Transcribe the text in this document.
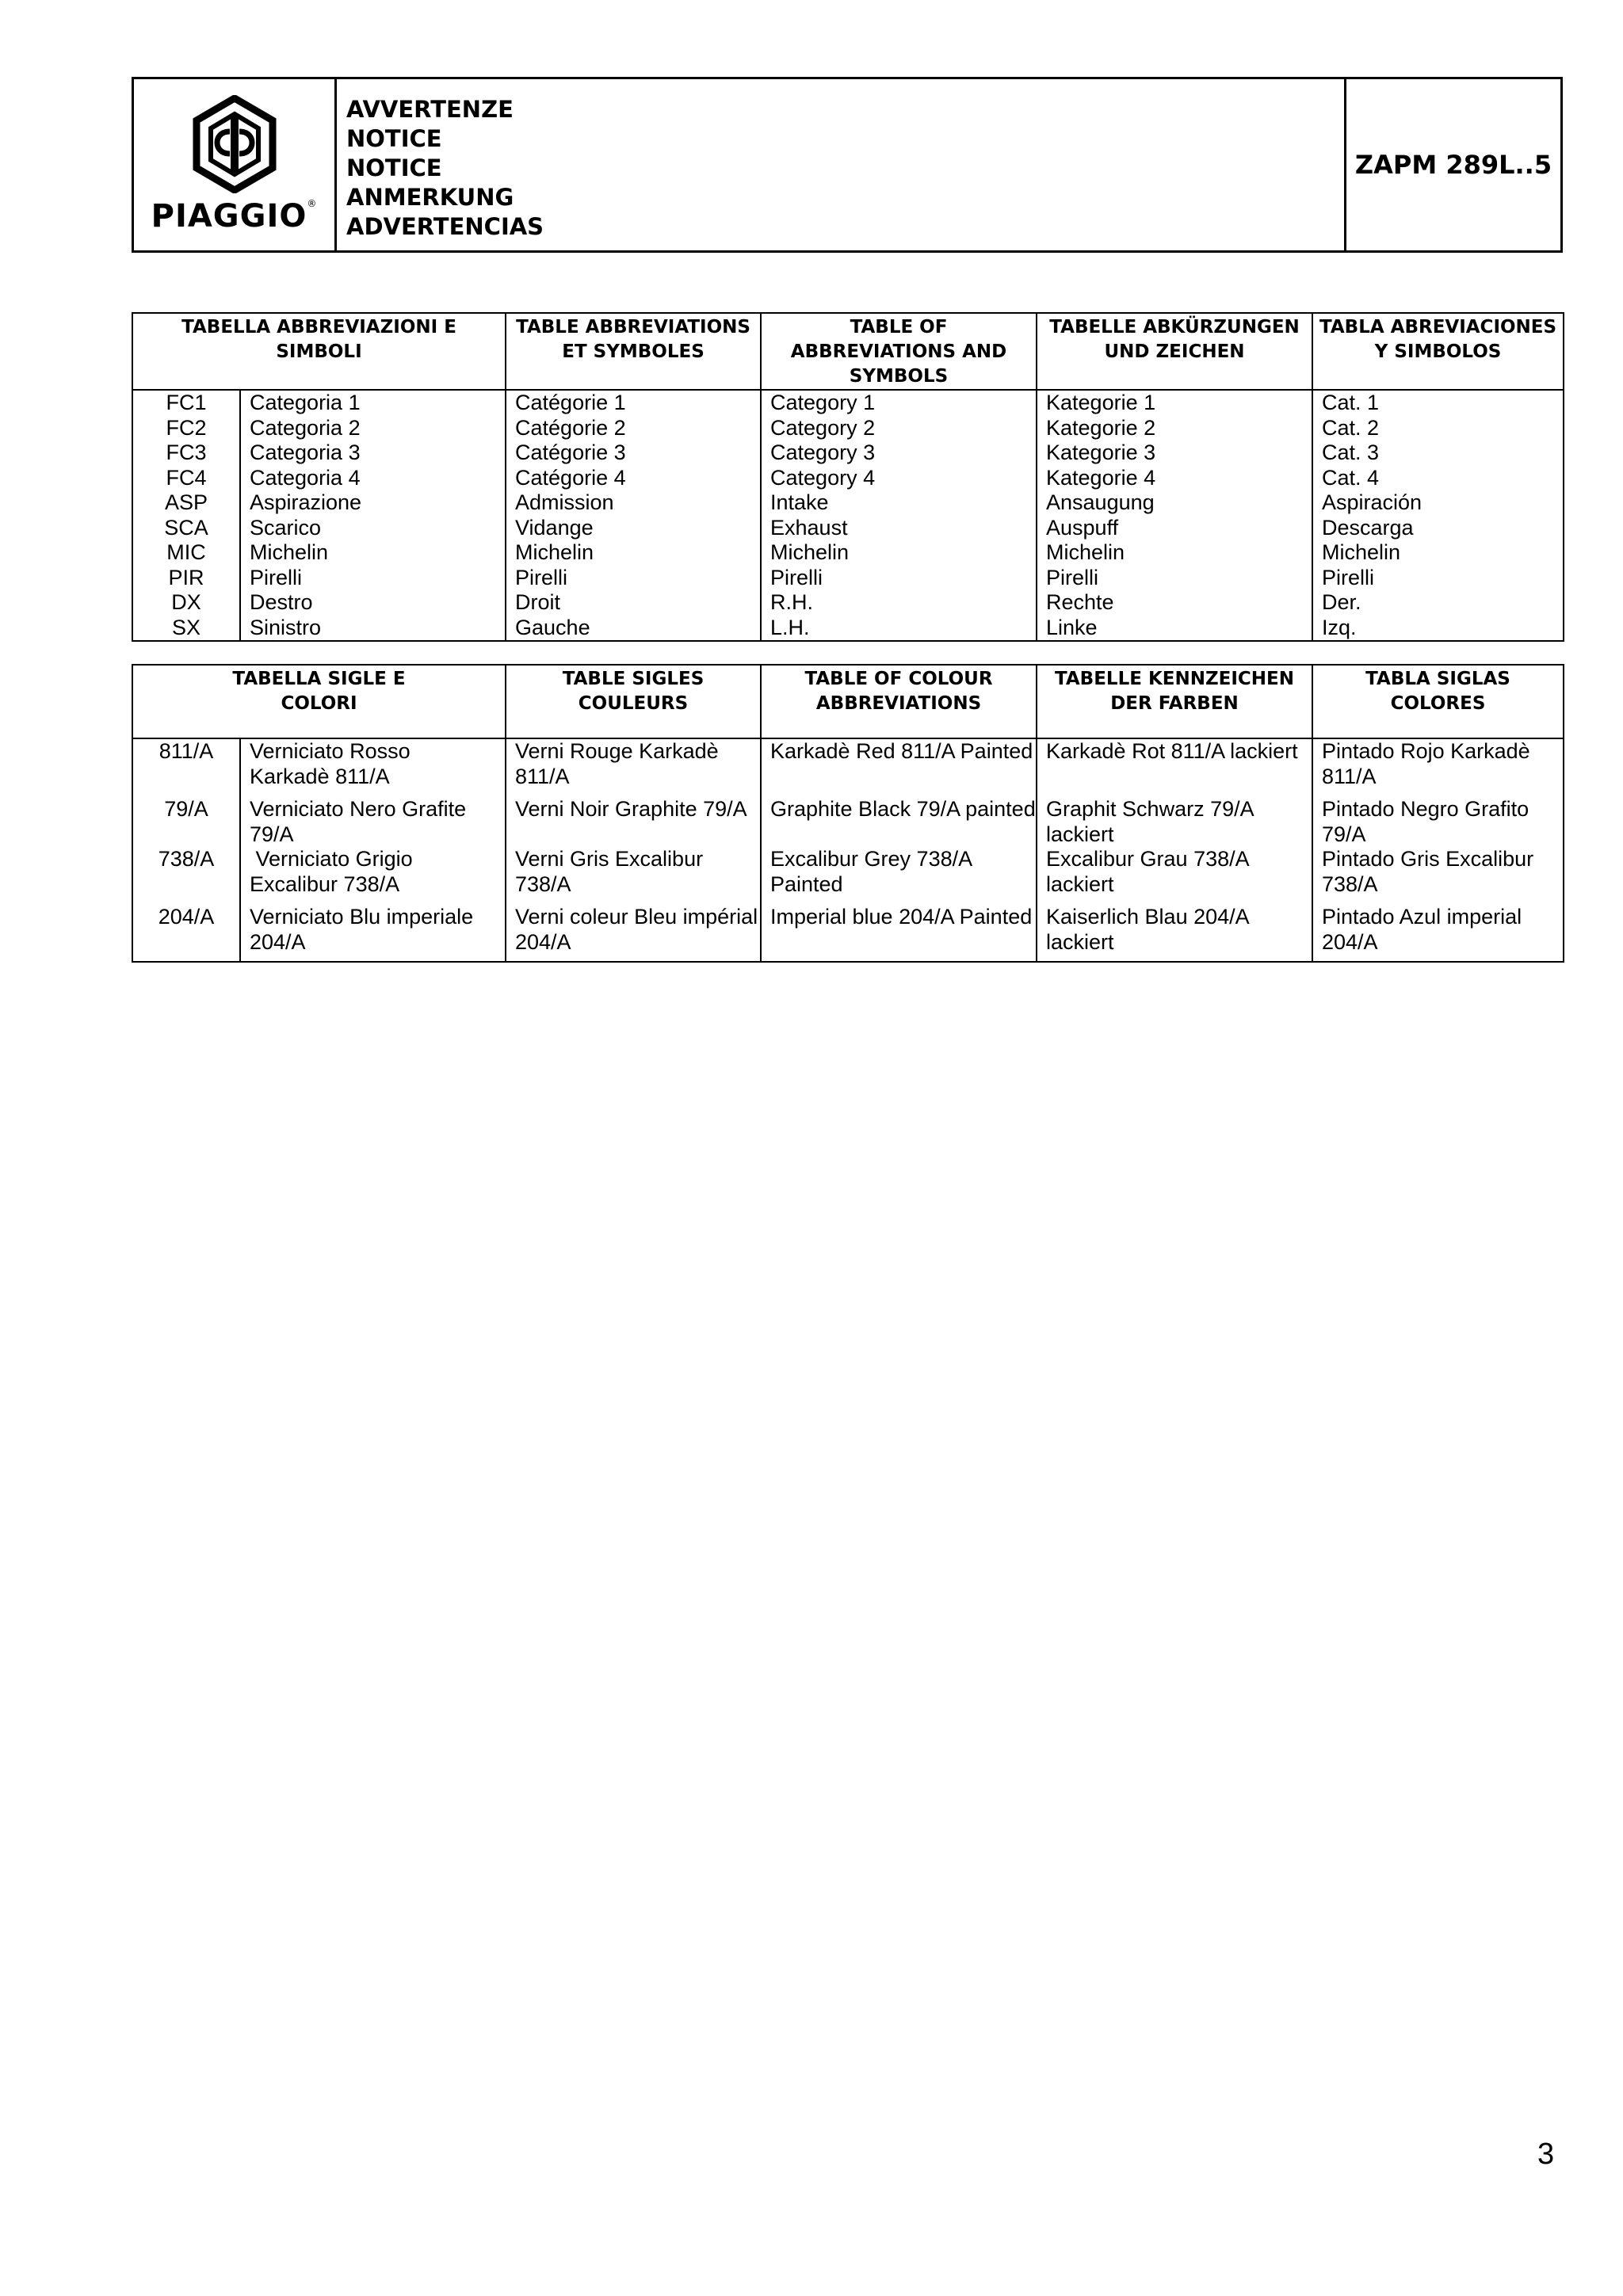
PIAGGIO®
AVVERTENZE
NOTICE
NOTICE
ANMERKUNG
ADVERTENCIAS
ZAPM 289L..5
TABELLA ABBREVIAZIONI E SIMBOLI		TABLE ABBREVIATIONS ET SYMBOLES	TABLE OF ABBREVIATIONS AND SYMBOLS	TABELLE ABKÜRZUNGEN UND ZEICHEN	TABLA ABREVIACIONES Y SIMBOLOS
FC1	Categoria 1	Catégorie 1	Category 1	Kategorie 1	Cat. 1
FC2	Categoria 2	Catégorie 2	Category 2	Kategorie 2	Cat. 2
FC3	Categoria 3	Catégorie 3	Category 3	Kategorie 3	Cat. 3
FC4	Categoria 4	Catégorie 4	Category 4	Kategorie 4	Cat. 4
ASP	Aspirazione	Admission	Intake	Ansaugung	Aspiración
SCA	Scarico	Vidange	Exhaust	Auspuff	Descarga
MIC	Michelin	Michelin	Michelin	Michelin	Michelin
PIR	Pirelli	Pirelli	Pirelli	Pirelli	Pirelli
DX	Destro	Droit	R.H.	Rechte	Der.
SX	Sinistro	Gauche	L.H.	Linke	Izq.
TABELLA SIGLE E COLORI		TABLE SIGLES COULEURS	TABLE OF COLOUR ABBREVIATIONS	TABELLE KENNZEICHEN DER FARBEN	TABLA SIGLAS COLORES
811/A	Verniciato Rosso Karkadè 811/A	Verni Rouge Karkadè 811/A	Karkadè Red 811/A Painted	Karkadè Rot 811/A lackiert	Pintado Rojo Karkadè 811/A
79/A	Verniciato Nero Grafite 79/A	Verni Noir Graphite 79/A	Graphite Black 79/A painted	Graphit Schwarz 79/A lackiert	Pintado Negro Grafito 79/A
738/A	Verniciato Grigio Excalibur 738/A	Verni Gris Excalibur 738/A	Excalibur Grey 738/A Painted	Excalibur Grau 738/A lackiert	Pintado Gris Excalibur 738/A
204/A	Verniciato Blu imperiale 204/A	Verni coleur Bleu impérial 204/A	Imperial blue 204/A Painted	Kaiserlich Blau 204/A lackiert	Pintado Azul imperial 204/A
3
